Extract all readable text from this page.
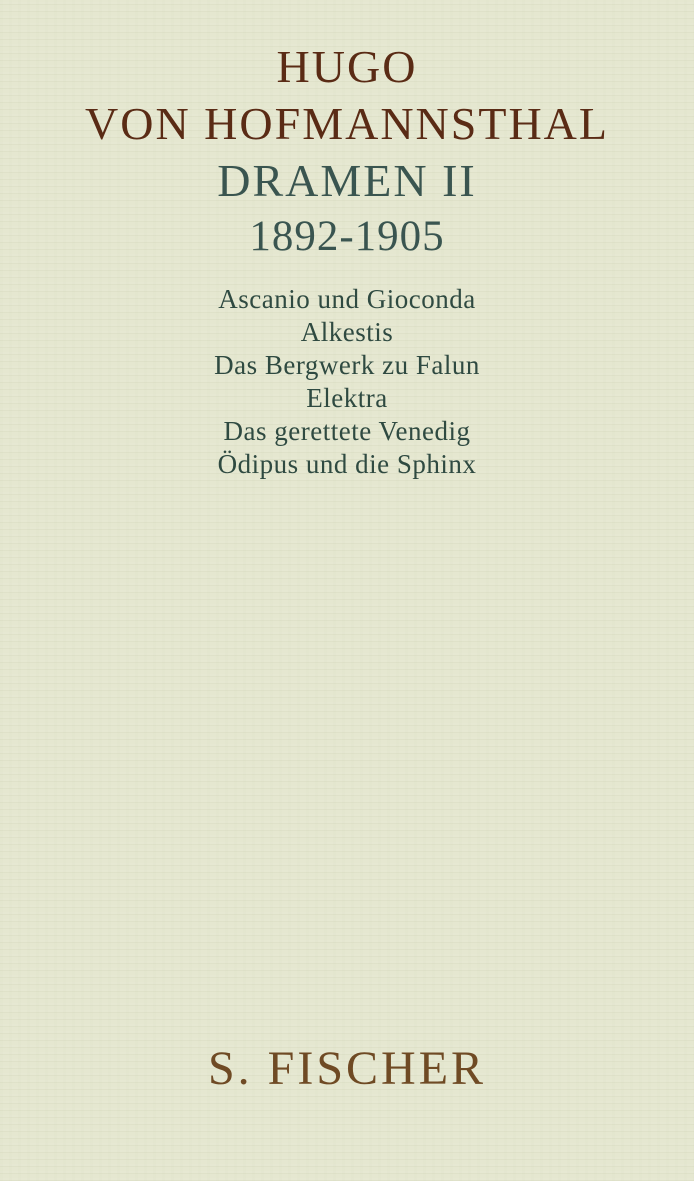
HUGO
VON HOFMANNSTHAL
DRAMEN II
1892-1905
Ascanio und Gioconda
Alkestis
Das Bergwerk zu Falun
Elektra
Das gerettete Venedig
Ödipus und die Sphinx
S. FISCHER
